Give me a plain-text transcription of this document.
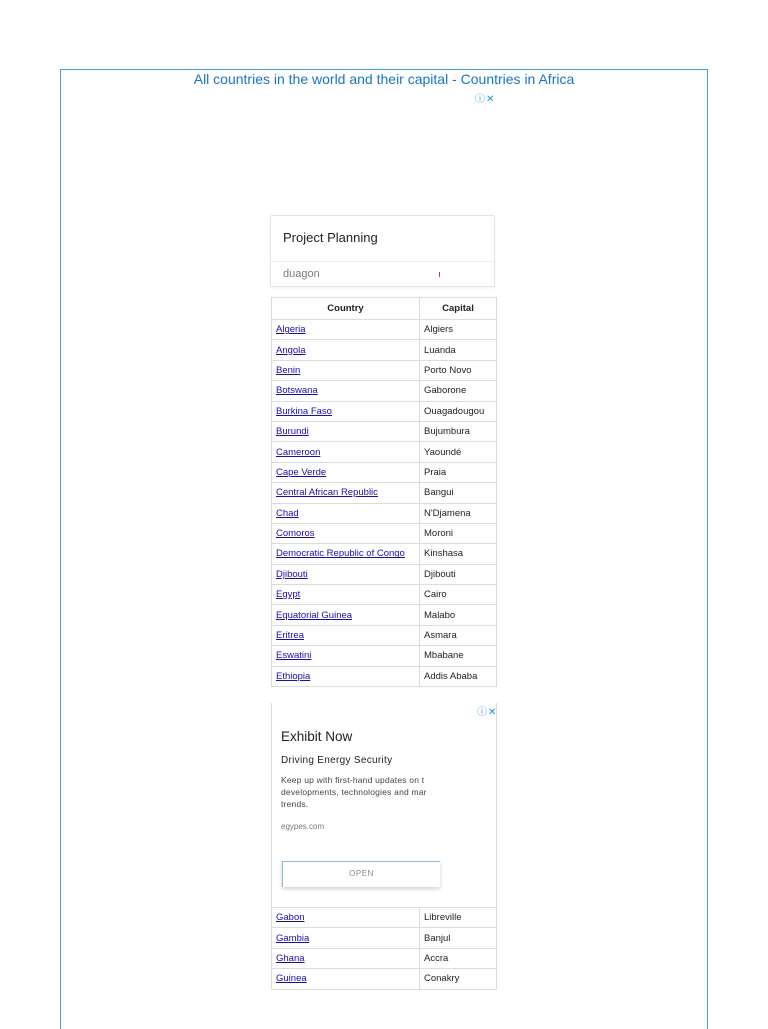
All countries in the world and their capital - Countries in Africa
ⓘ✕
Project Planning
duagon
Country	Capital
Algeria	Algiers
Angola	Luanda
Benin	Porto Novo
Botswana	Gaborone
Burkina Faso	Ouagadougou
Burundi	Bujumbura
Cameroon	Yaoundé
Cape Verde	Praia
Central African Republic	Bangui
Chad	N'Djamena
Comoros	Moroni
Democratic Republic of Congo	Kinshasa
Djibouti	Djibouti
Egypt	Cairo
Equatorial Guinea	Malabo
Eritrea	Asmara
Eswatini	Mbabane
Ethiopia	Addis Ababa
ⓘ✕
Exhibit Now
Driving Energy Security
Keep up with first-hand updates on t
developments, technologies and mar
trends.
egypes.com
OPEN
Gabon	Libreville
Gambia	Banjul
Ghana	Accra
Guinea	Conakry
